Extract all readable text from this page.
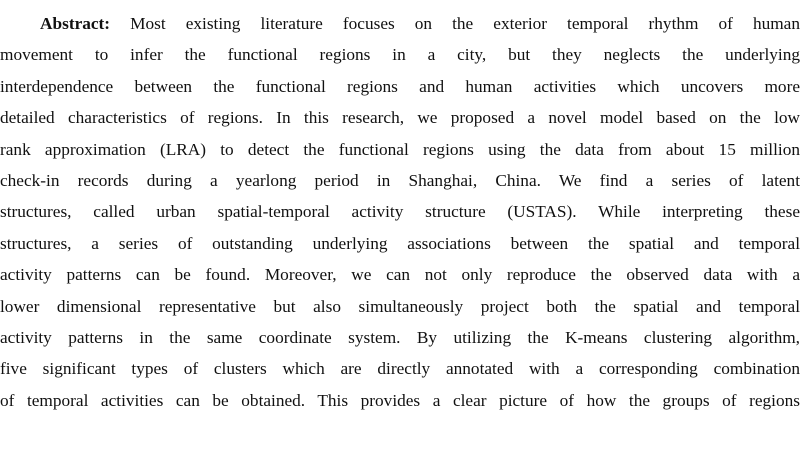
Abstract: Most existing literature focuses on the exterior temporal rhythm of human
movement to infer the functional regions in a city, but they neglects the underlying
interdependence between the functional regions and human activities which uncovers more
detailed characteristics of regions. In this research, we proposed a novel model based on the low
rank approximation (LRA) to detect the functional regions using the data from about 15 million
check-in records during a yearlong period in Shanghai, China. We find a series of latent
structures, called urban spatial-temporal activity structure (USTAS). While interpreting these
structures, a series of outstanding underlying associations between the spatial and temporal
activity patterns can be found. Moreover, we can not only reproduce the observed data with a
lower dimensional representative but also simultaneously project both the spatial and temporal
activity patterns in the same coordinate system. By utilizing the K-means clustering algorithm,
five significant types of clusters which are directly annotated with a corresponding combination
of temporal activities can be obtained. This provides a clear picture of how the groups of regions
